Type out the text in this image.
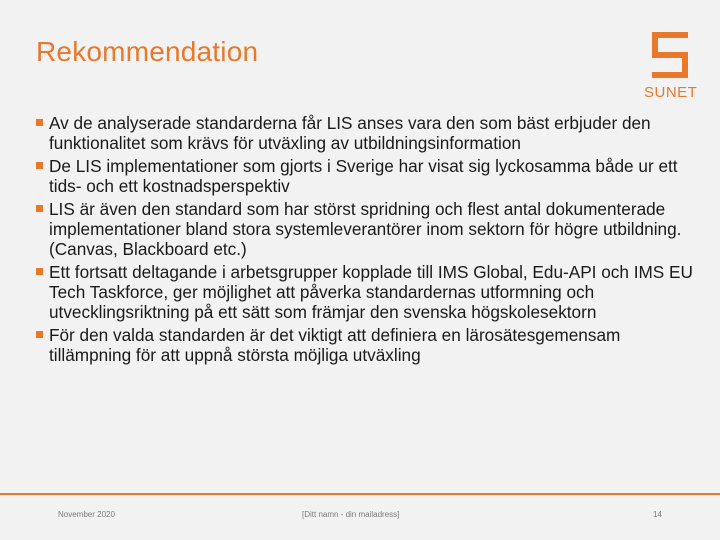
Rekommendation
SUNET
Av de analyserade standarderna får LIS anses vara den som bäst erbjuder den funktionalitet som krävs för utväxling av utbildningsinformation
De LIS implementationer som gjorts i Sverige har visat sig lyckosamma både ur ett tids- och ett kostnadsperspektiv
LIS är även den standard som har störst spridning och flest antal dokumenterade implementationer bland stora systemleverantörer inom sektorn för högre utbildning. (Canvas, Blackboard etc.)
Ett fortsatt deltagande i arbetsgrupper kopplade till IMS Global, Edu-API och IMS EU Tech Taskforce, ger möjlighet att påverka standardernas utformning och utvecklingsriktning på ett sätt som främjar den svenska högskolesektorn
För den valda standarden är det viktigt att definiera en lärosätesgemensam tillämpning för att uppnå största möjliga utväxling
November 2020	[Ditt namn - din mailadress]	14
